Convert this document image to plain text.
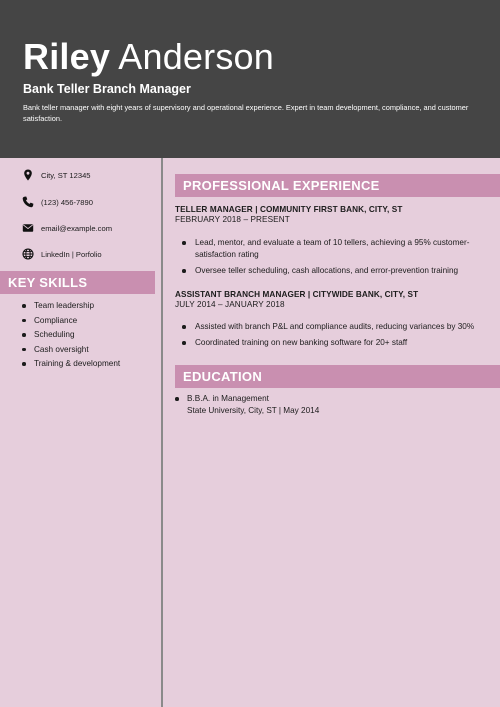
Riley Anderson
Bank Teller Branch Manager
Bank teller manager with eight years of supervisory and operational experience. Expert in team development, compliance, and customer satisfaction.
City, ST 12345
(123) 456-7890
email@example.com
LinkedIn | Porfolio
KEY SKILLS
Team leadership
Compliance
Scheduling
Cash oversight
Training & development
PROFESSIONAL EXPERIENCE
TELLER MANAGER | COMMUNITY FIRST BANK, CITY, ST
FEBRUARY 2018 – PRESENT
Lead, mentor, and evaluate a team of 10 tellers, achieving a 95% customer-satisfaction rating
Oversee teller scheduling, cash allocations, and error-prevention training
ASSISTANT BRANCH MANAGER | CITYWIDE BANK, CITY, ST
JULY 2014 – JANUARY 2018
Assisted with branch P&L and compliance audits, reducing variances by 30%
Coordinated training on new banking software for 20+ staff
EDUCATION
B.B.A. in Management
State University, City, ST | May 2014
